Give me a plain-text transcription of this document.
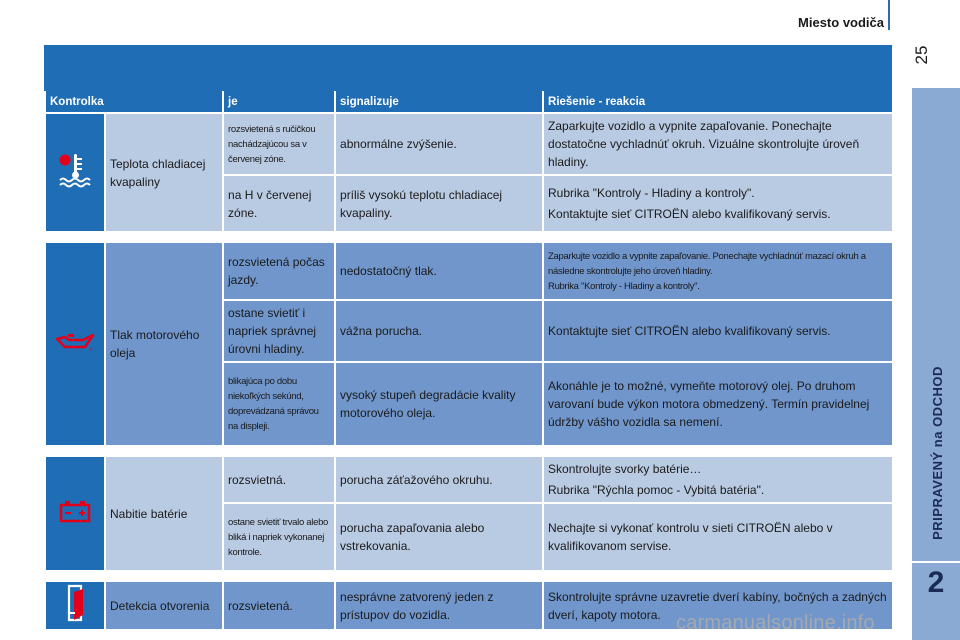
Miesto vodiča
25
PRIPRAVENÝ na ODCHOD
2
Kontrolka		je	signalizuje	Riešenie - reakcia
	Teplota chladiacej kvapaliny	rozsvietená s ručičkou nachádzajúcou sa v červenej zóne.	abnormálne zvýšenie.	Zaparkujte vozidlo a vypnite zapaľovanie. Ponechajte dostatočne vychladnúť okruh. Vizuálne skontrolujte úroveň hladiny.

		na H v červenej zóne.	príliš vysokú teplotu chladiacej kvapaliny.	Rubrika "Kontroly - Hladiny a kontroly".
Kontaktujte sieť CITROËN alebo kvalifikovaný servis.

	Tlak motorového oleja	rozsvietená počas jazdy.	nedostatočný tlak.	Zaparkujte vozidlo a vypnite zapaľovanie. Ponechajte vychladnúť mazací okruh a následne skontrolujte jeho úroveň hladiny.
Rubrika "Kontroly - Hladiny a kontroly".

		ostane svietiť i napriek správnej úrovni hladiny.	vážna porucha.	Kontaktujte sieť CITROËN alebo kvalifikovaný servis.

		blikajúca po dobu niekoľkých sekúnd, doprevádzaná správou na displeji.	vysoký stupeň degradácie kvality motorového oleja.	Akonáhle je to možné, vymeňte motorový olej. Po druhom varovaní bude výkon motora obmedzený. Termín pravidelnej údržby vášho vozidla sa nemení.

	Nabitie batérie	rozsvietná.	porucha záťažového okruhu.	Skontrolujte svorky batérie…
Rubrika "Rýchla pomoc - Vybitá batéria".

		ostane svietiť trvalo alebo bliká i napriek vykonanej kontrole.	porucha zapaľovania alebo vstrekovania.	Nechajte si vykonať kontrolu v sieti CITROËN alebo v kvalifikovanom servise.

	Detekcia otvorenia	rozsvietená.	nesprávne zatvorený jeden z prístupov do vozidla.	Skontrolujte správne uzavretie dverí kabíny, bočných a zadných dverí, kapoty motora. carmanualsonline.info
